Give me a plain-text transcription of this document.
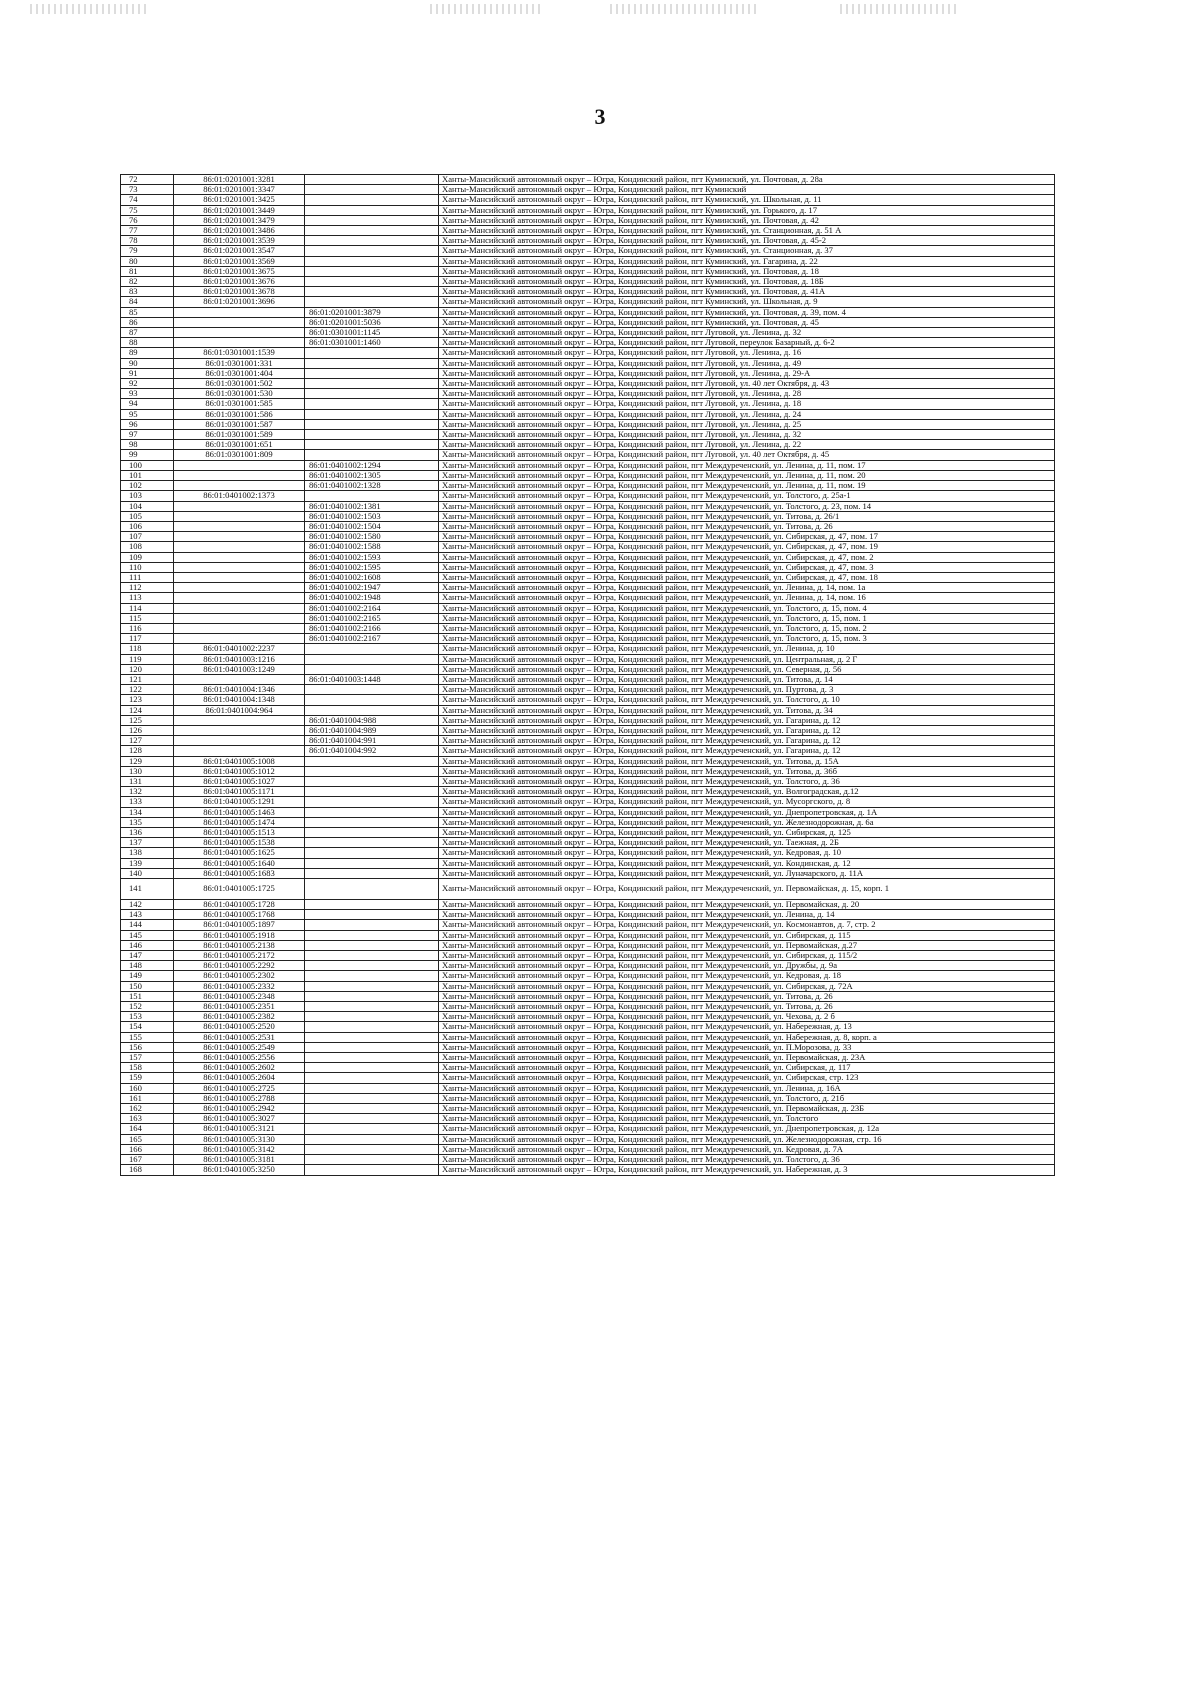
3
72	86:01:0201001:3281		Ханты-Мансийский автономный округ – Югра, Кондинский район, пгт Куминский, ул. Почтовая, д. 28а
73	86:01:0201001:3347		Ханты-Мансийский автономный округ – Югра, Кондинский район, пгт Куминский
74	86:01:0201001:3425		Ханты-Мансийский автономный округ – Югра, Кондинский район, пгт Куминский, ул. Школьная, д. 11
75	86:01:0201001:3449		Ханты-Мансийский автономный округ – Югра, Кондинский район, пгт Куминский, ул. Горького, д. 17
76	86:01:0201001:3479		Ханты-Мансийский автономный округ – Югра, Кондинский район, пгт Куминский, ул. Почтовая, д. 42
77	86:01:0201001:3486		Ханты-Мансийский автономный округ – Югра, Кондинский район, пгт Куминский, ул. Станционная, д. 51 А
78	86:01:0201001:3539		Ханты-Мансийский автономный округ – Югра, Кондинский район, пгт Куминский, ул. Почтовая, д. 45-2
79	86:01:0201001:3547		Ханты-Мансийский автономный округ – Югра, Кондинский район, пгт Куминский, ул. Станционная, д. 37
80	86:01:0201001:3569		Ханты-Мансийский автономный округ – Югра, Кондинский район, пгт Куминский, ул. Гагарина, д. 22
81	86:01:0201001:3675		Ханты-Мансийский автономный округ – Югра, Кондинский район, пгт Куминский, ул. Почтовая, д. 18
82	86:01:0201001:3676		Ханты-Мансийский автономный округ – Югра, Кондинский район, пгт Куминский, ул. Почтовая, д. 18Б
83	86:01:0201001:3678		Ханты-Мансийский автономный округ – Югра, Кондинский район, пгт Куминский, ул. Почтовая, д. 41А
84	86:01:0201001:3696		Ханты-Мансийский автономный округ – Югра, Кондинский район, пгт Куминский, ул. Школьная, д. 9
85		86:01:0201001:3879	Ханты-Мансийский автономный округ – Югра, Кондинский район, пгт Куминский, ул. Почтовая, д. 39, пом. 4
86		86:01:0201001:5036	Ханты-Мансийский автономный округ – Югра, Кондинский район, пгт Куминский, ул. Почтовая, д. 45
87		86:01:0301001:1145	Ханты-Мансийский автономный округ – Югра, Кондинский район, пгт Луговой, ул. Ленина, д. 32
88		86:01:0301001:1460	Ханты-Мансийский автономный округ – Югра, Кондинский район, пгт Луговой, переулок Базарный, д. 6-2
89	86:01:0301001:1539		Ханты-Мансийский автономный округ – Югра, Кондинский район, пгт Луговой, ул. Ленина, д. 16
90	86:01:0301001:331		Ханты-Мансийский автономный округ – Югра, Кондинский район, пгт Луговой, ул. Ленина, д. 49
91	86:01:0301001:404		Ханты-Мансийский автономный округ – Югра, Кондинский район, пгт Луговой, ул. Ленина, д. 29-А
92	86:01:0301001:502		Ханты-Мансийский автономный округ – Югра, Кондинский район, пгт Луговой, ул. 40 лет Октября, д. 43
93	86:01:0301001:530		Ханты-Мансийский автономный округ – Югра, Кондинский район, пгт Луговой, ул. Ленина, д. 28
94	86:01:0301001:585		Ханты-Мансийский автономный округ – Югра, Кондинский район, пгт Луговой, ул. Ленина, д. 18
95	86:01:0301001:586		Ханты-Мансийский автономный округ – Югра, Кондинский район, пгт Луговой, ул. Ленина, д. 24
96	86:01:0301001:587		Ханты-Мансийский автономный округ – Югра, Кондинский район, пгт Луговой, ул. Ленина, д. 25
97	86:01:0301001:589		Ханты-Мансийский автономный округ – Югра, Кондинский район, пгт Луговой, ул. Ленина, д. 32
98	86:01:0301001:651		Ханты-Мансийский автономный округ – Югра, Кондинский район, пгт Луговой, ул. Ленина, д. 22
99	86:01:0301001:809		Ханты-Мансийский автономный округ – Югра, Кондинский район, пгт Луговой, ул. 40 лет Октября, д. 45
100		86:01:0401002:1294	Ханты-Мансийский автономный округ – Югра, Кондинский район, пгт Междуреченский, ул. Ленина, д. 11, пом. 17
101		86:01:0401002:1305	Ханты-Мансийский автономный округ – Югра, Кондинский район, пгт Междуреченский, ул. Ленина, д. 11, пом. 20
102		86:01:0401002:1328	Ханты-Мансийский автономный округ – Югра, Кондинский район, пгт Междуреченский, ул. Ленина, д. 11, пом. 19
103	86:01:0401002:1373		Ханты-Мансийский автономный округ – Югра, Кондинский район, пгт Междуреченский, ул. Толстого, д. 25а-1
104		86:01:0401002:1381	Ханты-Мансийский автономный округ – Югра, Кондинский район, пгт Междуреченский, ул. Толстого, д. 23, пом. 14
105		86:01:0401002:1503	Ханты-Мансийский автономный округ – Югра, Кондинский район, пгт Междуреченский, ул. Титова, д. 26/1
106		86:01:0401002:1504	Ханты-Мансийский автономный округ – Югра, Кондинский район, пгт Междуреченский, ул. Титова, д. 26
107		86:01:0401002:1580	Ханты-Мансийский автономный округ – Югра, Кондинский район, пгт Междуреченский, ул. Сибирская, д. 47, пом. 17
108		86:01:0401002:1588	Ханты-Мансийский автономный округ – Югра, Кондинский район, пгт Междуреченский, ул. Сибирская, д. 47, пом. 19
109		86:01:0401002:1593	Ханты-Мансийский автономный округ – Югра, Кондинский район, пгт Междуреченский, ул. Сибирская, д. 47, пом. 2
110		86:01:0401002:1595	Ханты-Мансийский автономный округ – Югра, Кондинский район, пгт Междуреченский, ул. Сибирская, д. 47, пом. 3
111		86:01:0401002:1608	Ханты-Мансийский автономный округ – Югра, Кондинский район, пгт Междуреченский, ул. Сибирская, д. 47, пом. 18
112		86:01:0401002:1947	Ханты-Мансийский автономный округ – Югра, Кондинский район, пгт Междуреченский, ул. Ленина, д. 14, пом. 1а
113		86:01:0401002:1948	Ханты-Мансийский автономный округ – Югра, Кондинский район, пгт Междуреченский, ул. Ленина, д. 14, пом. 16
114		86:01:0401002:2164	Ханты-Мансийский автономный округ – Югра, Кондинский район, пгт Междуреченский, ул. Толстого, д. 15, пом. 4
115		86:01:0401002:2165	Ханты-Мансийский автономный округ – Югра, Кондинский район, пгт Междуреченский, ул. Толстого, д. 15, пом. 1
116		86:01:0401002:2166	Ханты-Мансийский автономный округ – Югра, Кондинский район, пгт Междуреченский, ул. Толстого, д. 15, пом. 2
117		86:01:0401002:2167	Ханты-Мансийский автономный округ – Югра, Кондинский район, пгт Междуреченский, ул. Толстого, д. 15, пом. 3
118	86:01:0401002:2237		Ханты-Мансийский автономный округ – Югра, Кондинский район, пгт Междуреченский, ул. Ленина, д. 10
119	86:01:0401003:1216		Ханты-Мансийский автономный округ – Югра, Кондинский район, пгт Междуреченский, ул. Центральная, д. 2 Г
120	86:01:0401003:1249		Ханты-Мансийский автономный округ – Югра, Кондинский район, пгт Междуреченский, ул. Северная, д. 56
121		86:01:0401003:1448	Ханты-Мансийский автономный округ – Югра, Кондинский район, пгт Междуреченский, ул. Титова, д. 14
122	86:01:0401004:1346		Ханты-Мансийский автономный округ – Югра, Кондинский район, пгт Междуреченский, ул. Пуртова, д. 3
123	86:01:0401004:1348		Ханты-Мансийский автономный округ – Югра, Кондинский район, пгт Междуреченский, ул. Толстого, д. 10
124	86:01:0401004:964		Ханты-Мансийский автономный округ – Югра, Кондинский район, пгт Междуреченский, ул. Титова, д. 34
125		86:01:0401004:988	Ханты-Мансийский автономный округ – Югра, Кондинский район, пгт Междуреченский, ул. Гагарина, д. 12
126		86:01:0401004:989	Ханты-Мансийский автономный округ – Югра, Кондинский район, пгт Междуреченский, ул. Гагарина, д. 12
127		86:01:0401004:991	Ханты-Мансийский автономный округ – Югра, Кондинский район, пгт Междуреченский, ул. Гагарина, д. 12
128		86:01:0401004:992	Ханты-Мансийский автономный округ – Югра, Кондинский район, пгт Междуреченский, ул. Гагарина, д. 12
129	86:01:0401005:1008		Ханты-Мансийский автономный округ – Югра, Кондинский район, пгт Междуреченский, ул. Титова, д. 15А
130	86:01:0401005:1012		Ханты-Мансийский автономный округ – Югра, Кондинский район, пгт Междуреченский, ул. Титова, д. 36б
131	86:01:0401005:1027		Ханты-Мансийский автономный округ – Югра, Кондинский район, пгт Междуреченский, ул. Толстого, д. 36
132	86:01:0401005:1171		Ханты-Мансийский автономный округ – Югра, Кондинский район, пгт Междуреченский, ул. Волгоградская, д.12
133	86:01:0401005:1291		Ханты-Мансийский автономный округ – Югра, Кондинский район, пгт Междуреченский, ул. Мусоргского, д. 8
134	86:01:0401005:1463		Ханты-Мансийский автономный округ – Югра, Кондинский район, пгт Междуреченский, ул. Днепропетровская, д. 1А
135	86:01:0401005:1474		Ханты-Мансийский автономный округ – Югра, Кондинский район, пгт Междуреченский, ул. Железнодорожная, д. 6а
136	86:01:0401005:1513		Ханты-Мансийский автономный округ – Югра, Кондинский район, пгт Междуреченский, ул. Сибирская, д. 125
137	86:01:0401005:1538		Ханты-Мансийский автономный округ – Югра, Кондинский район, пгт Междуреченский, ул. Таежная, д. 2Б
138	86:01:0401005:1625		Ханты-Мансийский автономный округ – Югра, Кондинский район, пгт Междуреченский, ул. Кедровая, д. 10
139	86:01:0401005:1640		Ханты-Мансийский автономный округ – Югра, Кондинский район, пгт Междуреченский, ул. Кондинская, д. 12
140	86:01:0401005:1683		Ханты-Мансийский автономный округ – Югра, Кондинский район, пгт Междуреченский, ул. Луначарского, д. 11А
141	86:01:0401005:1725		Ханты-Мансийский автономный округ – Югра, Кондинский район, пгт Междуреченский, ул. Первомайская, д. 15, корп. 1
142	86:01:0401005:1728		Ханты-Мансийский автономный округ – Югра, Кондинский район, пгт Междуреченский, ул. Первомайская, д. 20
143	86:01:0401005:1768		Ханты-Мансийский автономный округ – Югра, Кондинский район, пгт Междуреченский, ул. Ленина, д. 14
144	86:01:0401005:1897		Ханты-Мансийский автономный округ – Югра, Кондинский район, пгт Междуреченский, ул. Космонавтов, д. 7, стр. 2
145	86:01:0401005:1918		Ханты-Мансийский автономный округ – Югра, Кондинский район, пгт Междуреченский, ул. Сибирская, д. 115
146	86:01:0401005:2138		Ханты-Мансийский автономный округ – Югра, Кондинский район, пгт Междуреченский, ул. Первомайская, д.27
147	86:01:0401005:2172		Ханты-Мансийский автономный округ – Югра, Кондинский район, пгт Междуреченский, ул. Сибирская, д. 115/2
148	86:01:0401005:2292		Ханты-Мансийский автономный округ – Югра, Кондинский район, пгт Междуреченский, ул. Дружбы, д. 9а
149	86:01:0401005:2302		Ханты-Мансийский автономный округ – Югра, Кондинский район, пгт Междуреченский, ул. Кедровая, д. 18
150	86:01:0401005:2332		Ханты-Мансийский автономный округ – Югра, Кондинский район, пгт Междуреченский, ул. Сибирская, д. 72А
151	86:01:0401005:2348		Ханты-Мансийский автономный округ – Югра, Кондинский район, пгт Междуреченский, ул. Титова, д. 26
152	86:01:0401005:2351		Ханты-Мансийский автономный округ – Югра, Кондинский район, пгт Междуреченский, ул. Титова, д. 26
153	86:01:0401005:2382		Ханты-Мансийский автономный округ – Югра, Кондинский район, пгт Междуреченский, ул. Чехова, д. 2 б
154	86:01:0401005:2520		Ханты-Мансийский автономный округ – Югра, Кондинский район, пгт Междуреченский, ул. Набережная, д. 13
155	86:01:0401005:2531		Ханты-Мансийский автономный округ – Югра, Кондинский район, пгт Междуреченский, ул. Набережная, д. 8, корп. а
156	86:01:0401005:2549		Ханты-Мансийский автономный округ – Югра, Кондинский район, пгт Междуреченский, ул. П.Морозова, д. 33
157	86:01:0401005:2556		Ханты-Мансийский автономный округ – Югра, Кондинский район, пгт Междуреченский, ул. Первомайская, д. 23А
158	86:01:0401005:2602		Ханты-Мансийский автономный округ – Югра, Кондинский район, пгт Междуреченский, ул. Сибирская, д. 117
159	86:01:0401005:2604		Ханты-Мансийский автономный округ – Югра, Кондинский район, пгт Междуреченский, ул. Сибирская, стр. 123
160	86:01:0401005:2725		Ханты-Мансийский автономный округ – Югра, Кондинский район, пгт Междуреченский, ул. Ленина, д. 16А
161	86:01:0401005:2788		Ханты-Мансийский автономный округ – Югра, Кондинский район, пгт Междуреченский, ул. Толстого, д. 21б
162	86:01:0401005:2942		Ханты-Мансийский автономный округ – Югра, Кондинский район, пгт Междуреченский, ул. Первомайская, д. 23Б
163	86:01:0401005:3027		Ханты-Мансийский автономный округ – Югра, Кондинский район, пгт Междуреченский, ул. Толстого
164	86:01:0401005:3121		Ханты-Мансийский автономный округ – Югра, Кондинский район, пгт Междуреченский, ул. Днепропетровская, д. 12а
165	86:01:0401005:3130		Ханты-Мансийский автономный округ – Югра, Кондинский район, пгт Междуреченский, ул. Железнодорожная, стр. 16
166	86:01:0401005:3142		Ханты-Мансийский автономный округ – Югра, Кондинский район, пгт Междуреченский, ул. Кедровая, д. 7А
167	86:01:0401005:3181		Ханты-Мансийский автономный округ – Югра, Кондинский район, пгт Междуреченский, ул. Толстого, д. 36
168	86:01:0401005:3250		Ханты-Мансийский автономный округ – Югра, Кондинский район, пгт Междуреченский, ул. Набережная, д. 3
